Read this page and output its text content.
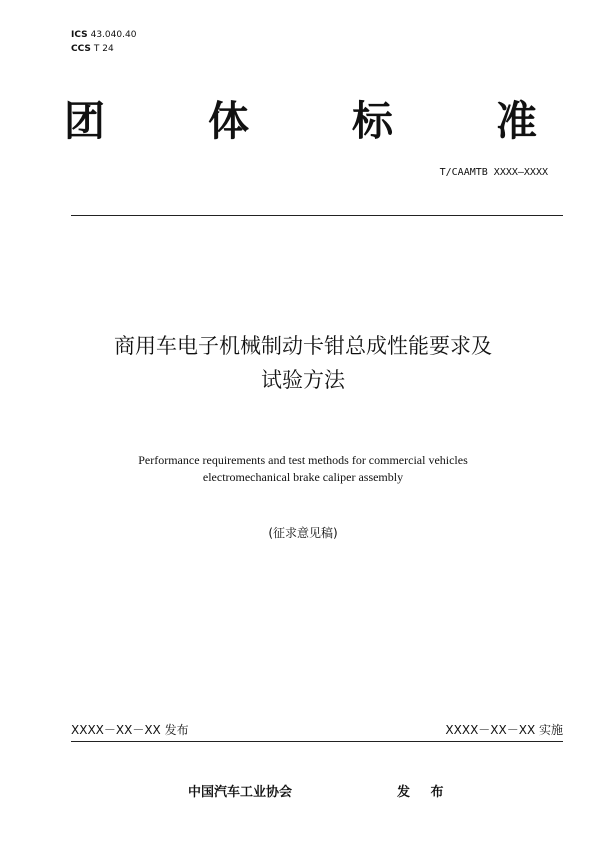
ICS 43.040.40
CCS T 24
团	体	标	准
T/CAAMTB XXXX—XXXX
商用车电子机械制动卡钳总成性能要求及
试验方法
Performance requirements and test methods for commercial vehicles
electromechanical brake caliper assembly
(征求意见稿)
XXXX－XX－XX 发布	XXXX－XX－XX 实施
中国汽车工业协会	发 布
